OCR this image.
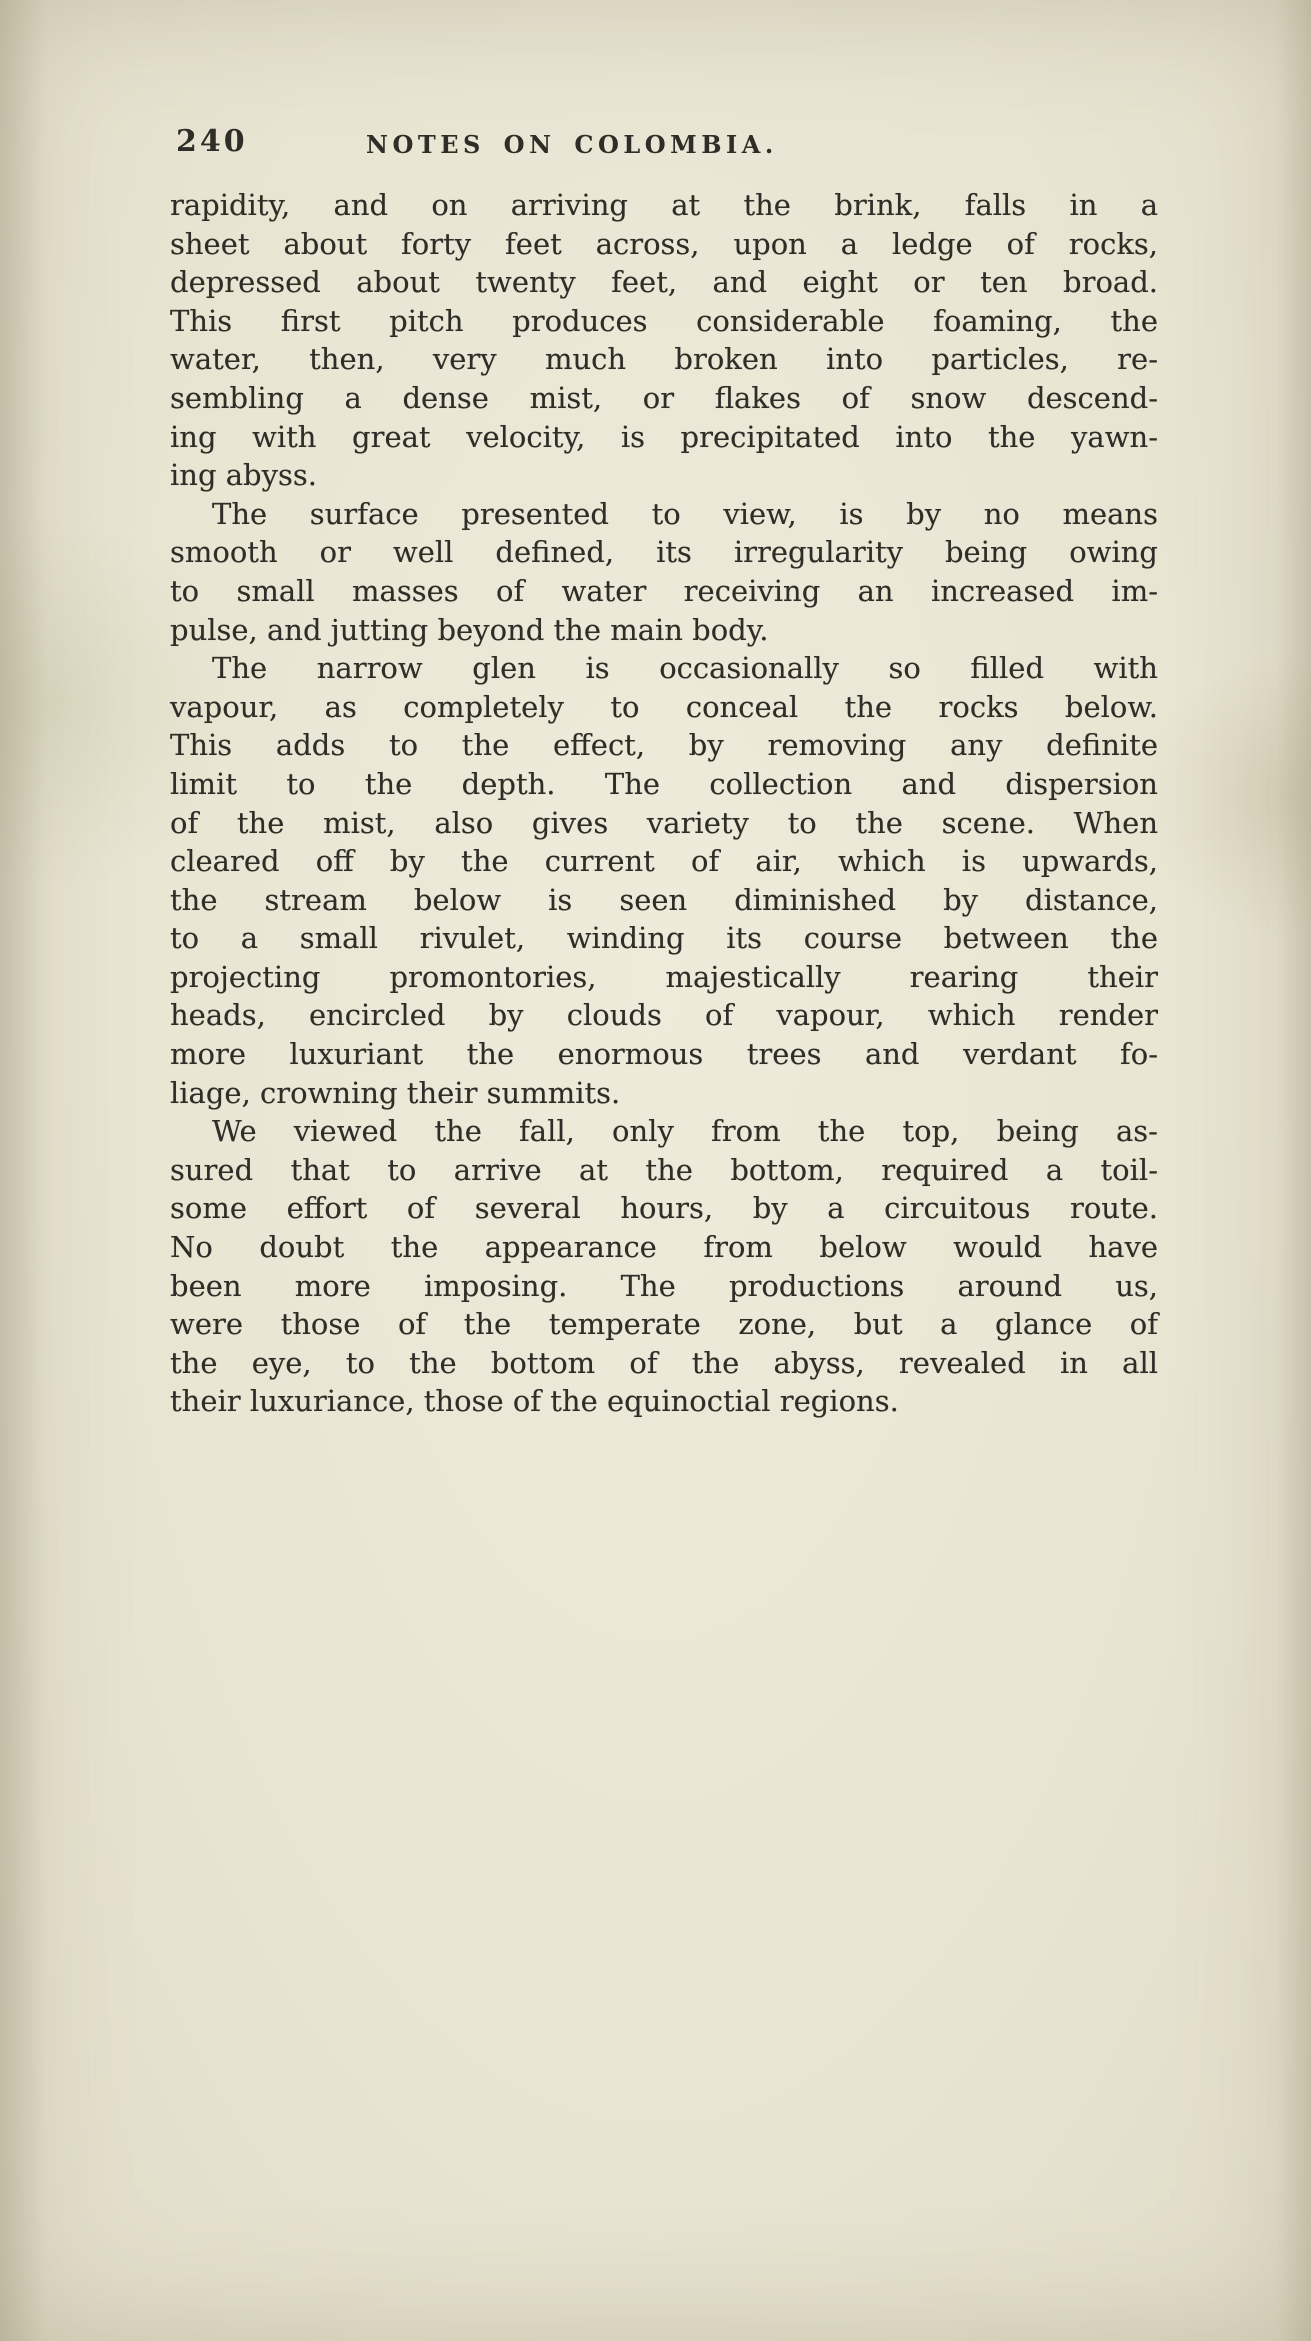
240	NOTES ON COLOMBIA.

rapidity, and on arriving at the brink, falls in a
sheet about forty feet across, upon a ledge of rocks,
depressed about twenty feet, and eight or ten broad.
This first pitch produces considerable foaming, the
water, then, very much broken into particles, re-
sembling a dense mist, or flakes of snow descend-
ing with great velocity, is precipitated into the yawn-
ing abyss.

The surface presented to view, is by no means
smooth or well defined, its irregularity being owing
to small masses of water receiving an increased im-
pulse, and jutting beyond the main body.

The narrow glen is occasionally so filled with
vapour, as completely to conceal the rocks below.
This adds to the effect, by removing any definite
limit to the depth. The collection and dispersion
of the mist, also gives variety to the scene. When
cleared off by the current of air, which is upwards,
the stream below is seen diminished by distance,
to a small rivulet, winding its course between the
projecting promontories, majestically rearing their
heads, encircled by clouds of vapour, which render
more luxuriant the enormous trees and verdant fo-
liage, crowning their summits.

We viewed the fall, only from the top, being as-
sured that to arrive at the bottom, required a toil-
some effort of several hours, by a circuitous route.
No doubt the appearance from below would have
been more imposing. The productions around us,
were those of the temperate zone, but a glance of
the eye, to the bottom of the abyss, revealed in all
their luxuriance, those of the equinoctial regions.
